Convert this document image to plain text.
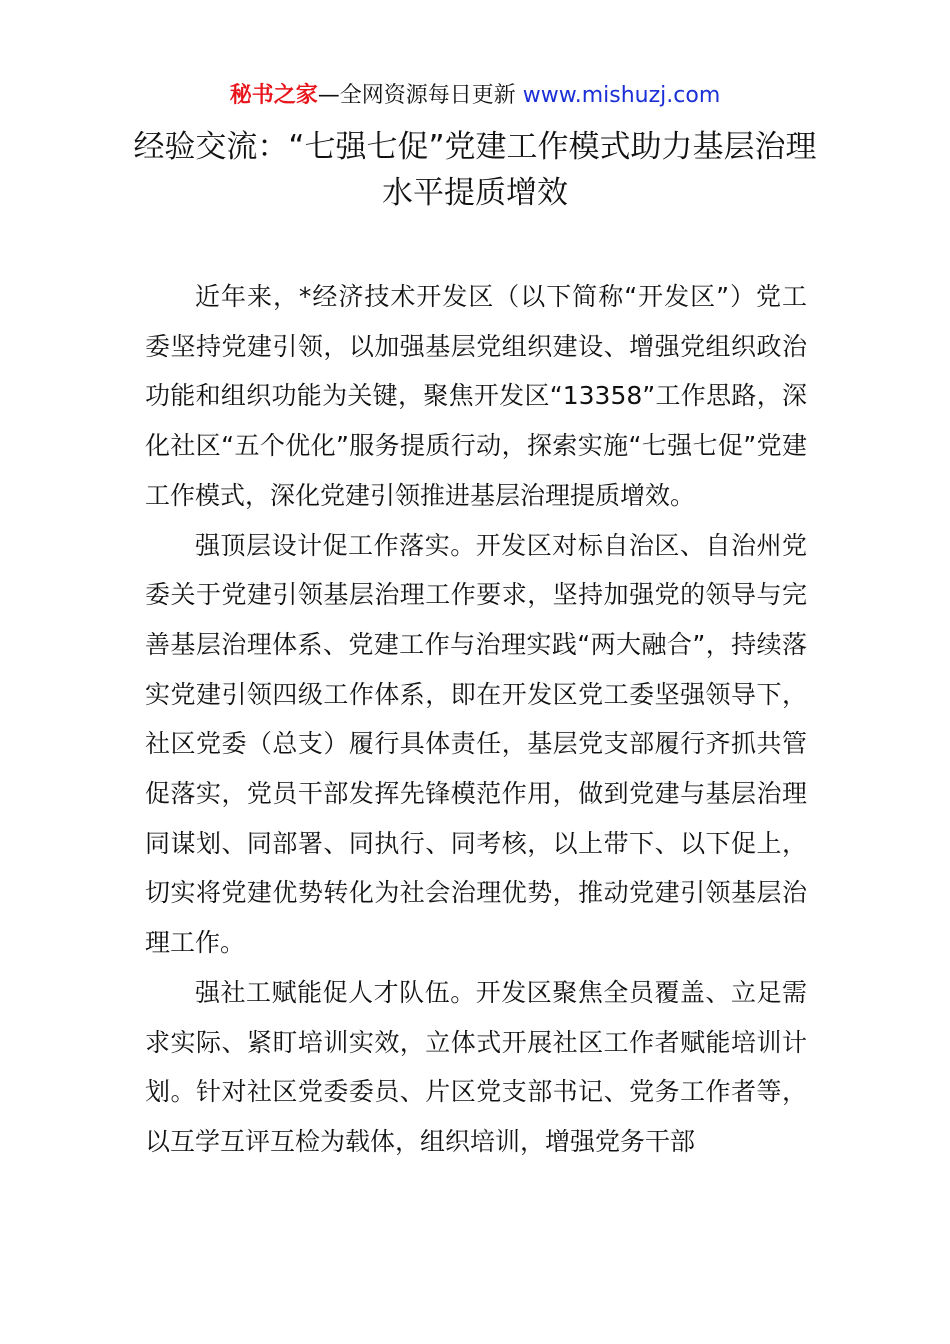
秘书之家—全网资源每日更新 www.mishuzj.com
经验交流：“七强七促”党建工作模式助力基层治理水平提质增效

近年来，*经济技术开发区（以下简称“开发区”）党工委坚持党建引领，以加强基层党组织建设、增强党组织政治功能和组织功能为关键，聚焦开发区“13358”工作思路，深化社区“五个优化”服务提质行动，探索实施“七强七促”党建工作模式，深化党建引领推进基层治理提质增效。

强顶层设计促工作落实。开发区对标自治区、自治州党委关于党建引领基层治理工作要求，坚持加强党的领导与完善基层治理体系、党建工作与治理实践“两大融合”，持续落实党建引领四级工作体系，即在开发区党工委坚强领导下，社区党委（总支）履行具体责任，基层党支部履行齐抓共管促落实，党员干部发挥先锋模范作用，做到党建与基层治理同谋划、同部署、同执行、同考核，以上带下、以下促上，切实将党建优势转化为社会治理优势，推动党建引领基层治理工作。

强社工赋能促人才队伍。开发区聚焦全员覆盖、立足需求实际、紧盯培训实效，立体式开展社区工作者赋能培训计划。针对社区党委委员、片区党支部书记、党务工作者等，以互学互评互检为载体，组织培训，增强党务干部
